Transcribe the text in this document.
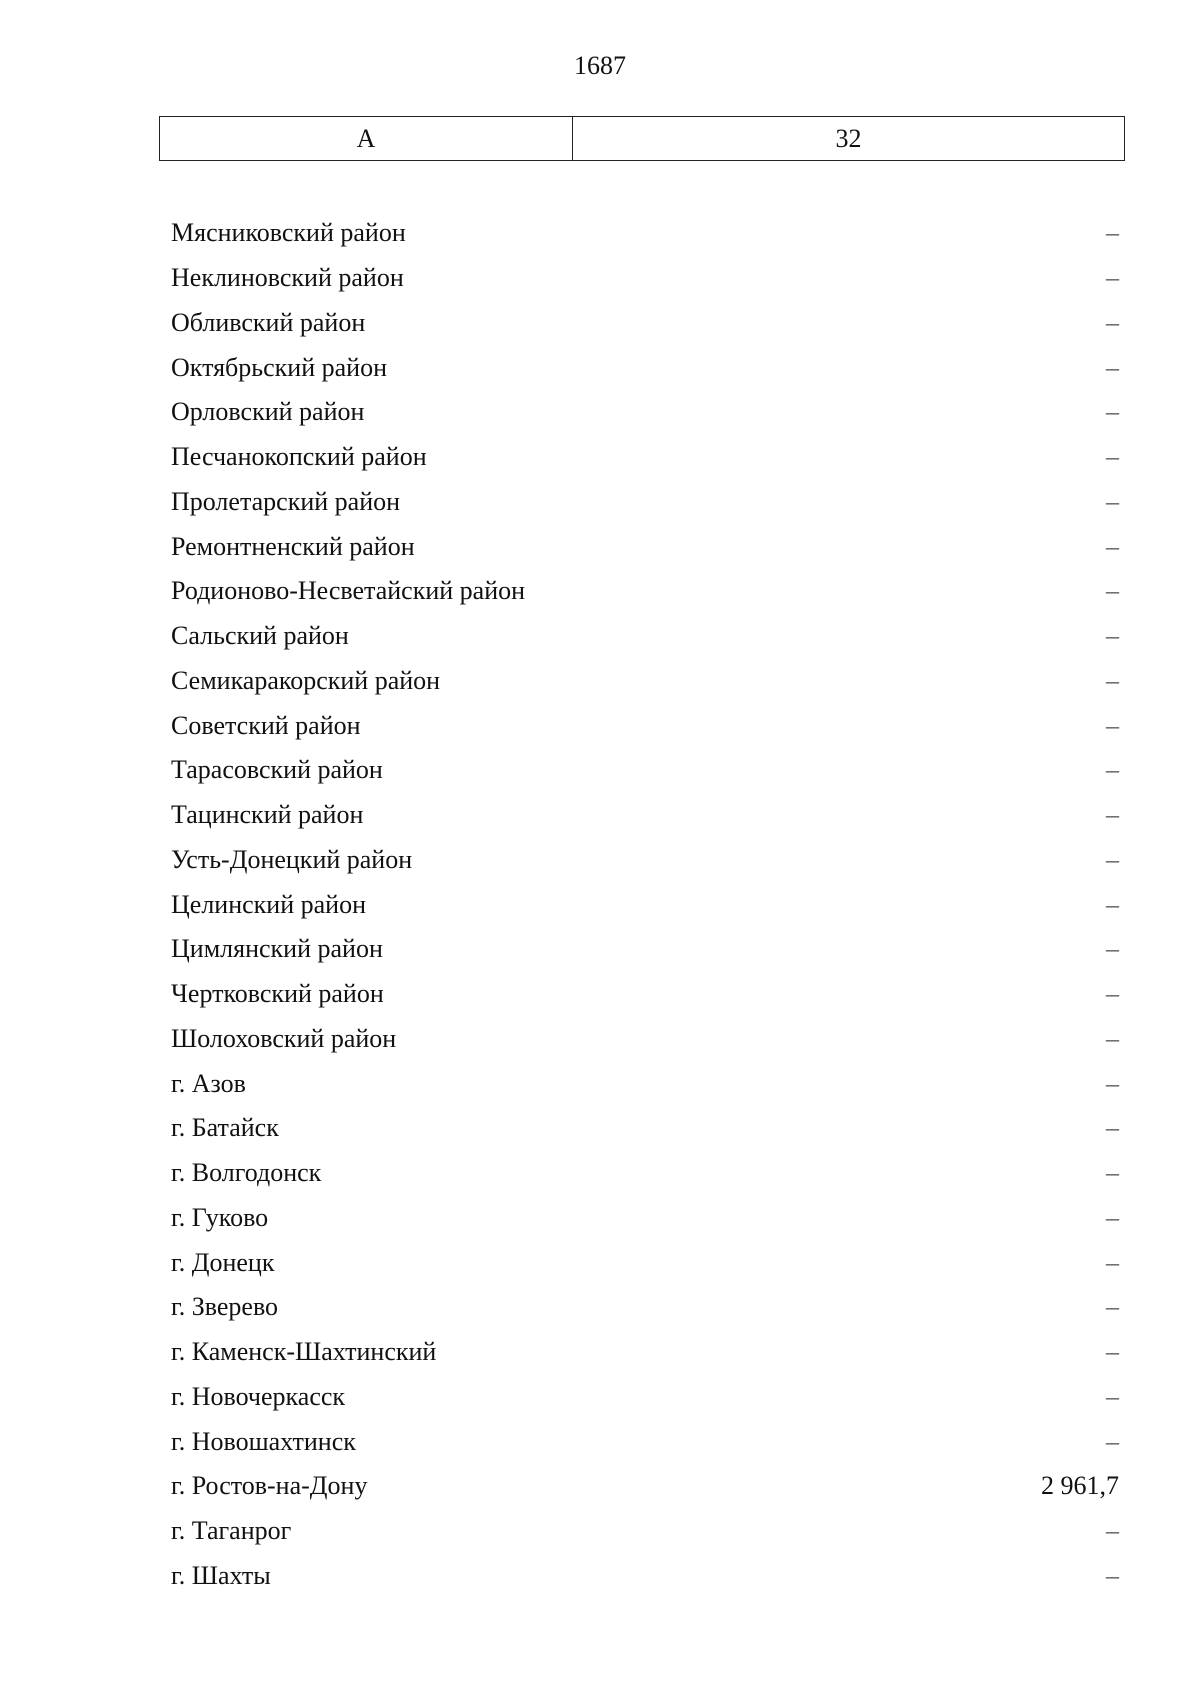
1687
А	32
Мясниковский район	–
Неклиновский район	–
Обливский район	–
Октябрьский район	–
Орловский район	–
Песчанокопский район	–
Пролетарский район	–
Ремонтненский район	–
Родионово-Несветайский район	–
Сальский район	–
Семикаракорский район	–
Советский район	–
Тарасовский район	–
Тацинский район	–
Усть-Донецкий район	–
Целинский район	–
Цимлянский район	–
Чертковский район	–
Шолоховский район	–
г. Азов	–
г. Батайск	–
г. Волгодонск	–
г. Гуково	–
г. Донецк	–
г. Зверево	–
г. Каменск-Шахтинский	–
г. Новочеркасск	–
г. Новошахтинск	–
г. Ростов-на-Дону	2 961,7
г. Таганрог	–
г. Шахты	–
